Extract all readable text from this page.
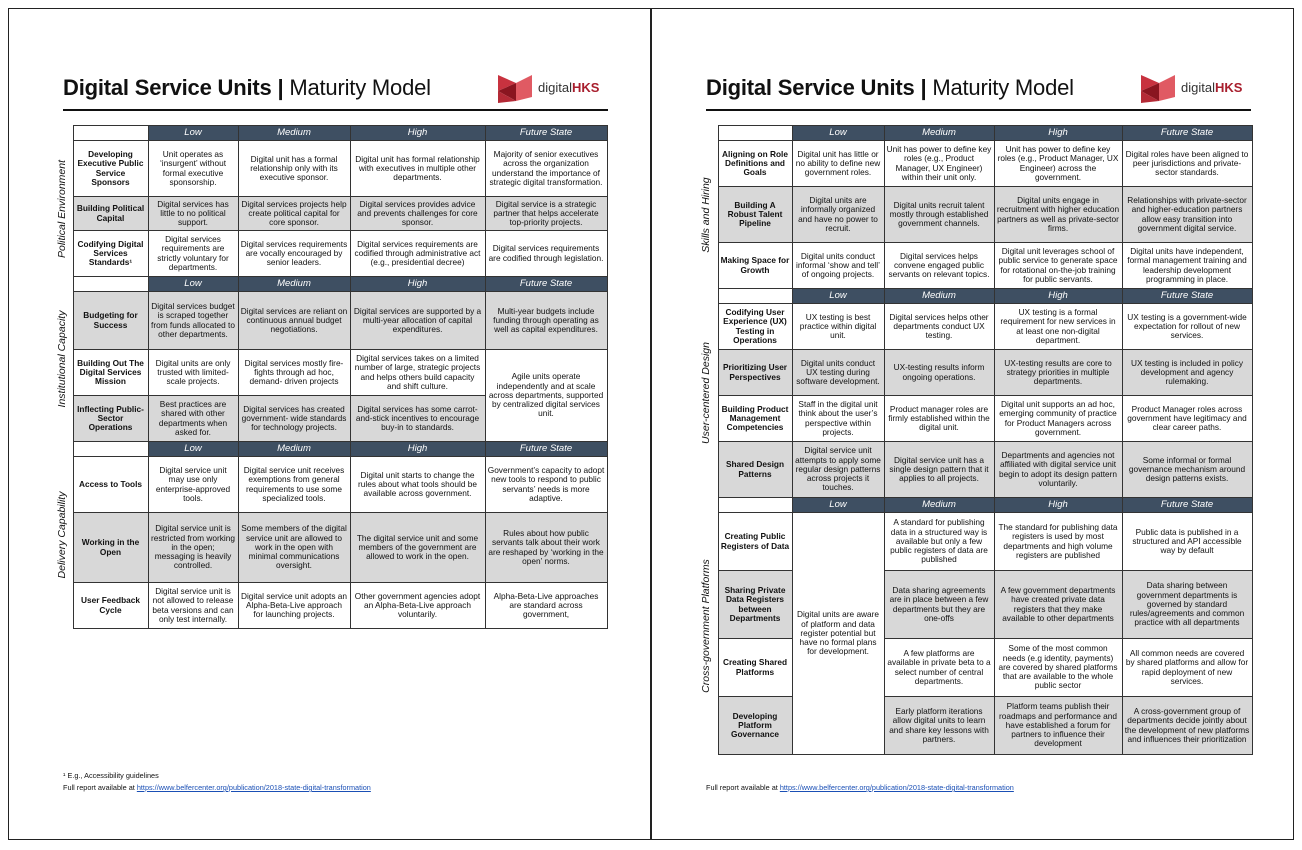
Digital Service Units | Maturity Model	digitalHKS
		Low	Medium	High	Future State

Political Environment	Developing Executive Public Service Sponsors	Unit operates as ‘insurgent’ without formal executive sponsorship.	Digital unit has a formal relationship only with its executive sponsor.	Digital unit has formal relationship with executives in multiple other departments.	Majority of senior executives across the organization understand the importance of strategic digital transformation.
	Building Political Capital	Digital services has little to no political support.	Digital services projects help create political capital for core sponsor.	Digital services provides advice and prevents challenges for core sponsor.	Digital service is a strategic partner that helps accelerate top-priority projects.
	Codifying Digital Services Standards¹	Digital services requirements are strictly voluntary for departments.	Digital services requirements are vocally encouraged by senior leaders.	Digital services requirements are codified through administrative act (e.g., presidential decree)	Digital services requirements are codified through legislation.

Institutional Capacity		Low	Medium	High	Future State
	Budgeting for Success	Digital services budget is scraped together from funds allocated to other departments.	Digital services are reliant on continuous annual budget negotiations.	Digital services are supported by a multi-year allocation of capital expenditures.	Multi-year budgets include funding through operating as well as capital expenditures.
	Building Out The Digital Services Mission	Digital units are only trusted with limited-scale projects.	Digital services mostly fire-fights through ad hoc, demand- driven projects	Digital services takes on a limited number of large, strategic projects and helps others build capacity and shift culture.	Agile units operate independently and at scale across departments, supported by centralized digital services unit.
	Inflecting Public-Sector Operations	Best practices are shared with other departments when asked for.	Digital services has created government- wide standards for technology projects.	Digital services has some carrot- and-stick incentives to encourage buy-in to standards.	

Delivery Capability		Low	Medium	High	Future State
	Access to Tools	Digital service unit may use only enterprise-approved tools.	Digital service unit receives exemptions from general requirements to use some specialized tools.	Digital unit starts to change the rules about what tools should be available across government.	Government’s capacity to adopt new tools to respond to public servants’ needs is more adaptive.
	Working in the Open	Digital service unit is restricted from working in the open; messaging is heavily controlled.	Some members of the digital service unit are allowed to work in the open with minimal communications oversight.	The digital service unit and some members of the government are allowed to work in the open.	Rules about how public servants talk about their work are reshaped by ‘working in the open’ norms.
	User Feedback Cycle	Digital service unit is not allowed to release beta versions and can only test internally.	Digital service unit adopts an Alpha-Beta-Live approach for launching projects.	Other government agencies adopt an Alpha-Beta-Live approach voluntarily.	Alpha-Beta-Live approaches are standard across government,
¹ E.g., Accessibility guidelines
Full report available at https://www.belfercenter.org/publication/2018-state-digital-transformation
Digital Service Units | Maturity Model	digitalHKS
		Low	Medium	High	Future State

Skills and Hiring	Aligning on Role Definitions and Goals	Digital unit has little or no ability to define new government roles.	Unit has power to define key roles (e.g., Product Manager, UX Engineer) within their unit only.	Unit has power to define key roles (e.g., Product Manager, UX Engineer) across the government.	Digital roles have been aligned to peer jurisdictions and private-sector standards.
	Building A Robust Talent Pipeline	Digital units are informally organized and have no power to recruit.	Digital units recruit talent mostly through established government channels.	Digital units engage in recruitment with higher education partners as well as private-sector firms.	Relationships with private-sector and higher-education partners allow easy transition into government digital service.
	Making Space for Growth	Digital units conduct informal ‘show and tell’ of ongoing projects.	Digital services helps convene engaged public servants on relevant topics.	Digital unit leverages school of public service to generate space for rotational on-the-job training for public servants.	Digital units have independent, formal management training and leadership development programming in place.

User-centered Design		Low	Medium	High	Future State
	Codifying User Experience (UX) Testing in Operations	UX testing is best practice within digital unit.	Digital services helps other departments conduct UX testing.	UX testing is a formal requirement for new services in at least one non-digital department.	UX testing is a government-wide expectation for rollout of new services.
	Prioritizing User Perspectives	Digital units conduct UX testing during software development.	UX-testing results inform ongoing operations.	UX-testing results are core to strategy priorities in multiple departments.	UX testing is included in policy development and agency rulemaking.
	Building Product Management Competencies	Staff in the digital unit think about the user’s perspective within projects.	Product manager roles are firmly established within the digital unit.	Digital unit supports an ad hoc, emerging community of practice for Product Managers across government.	Product Manager roles across government have legitimacy and clear career paths.
	Shared Design Patterns	Digital service unit attempts to apply some regular design patterns across projects it touches.	Digital service unit has a single design pattern that it applies to all projects.	Departments and agencies not affiliated with digital service unit begin to adopt its design pattern voluntarily.	Some informal or formal governance mechanism around design patterns exists.

Cross-government Platforms		Low	Medium	High	Future State
	Creating Public Registers of Data	Digital units are aware of platform and data register potential but have no formal plans for development.	A standard for publishing data in a structured way is available but only a few public registers of data are published	The standard for publishing data registers is used by most departments and high volume registers are published	Public data is published in a structured and API accessible way by default
	Sharing Private Data Registers between Departments		Data sharing agreements are in place between a few departments but they are one-offs	A few government departments have created private data registers that they make available to other departments	Data sharing between government departments is governed by standard rules/agreements and common practice with all departments
	Creating Shared Platforms		A few platforms are available in private beta to a select number of central departments.	Some of the most common needs (e.g identity, payments) are covered by shared platforms that are available to the whole public sector	All common needs are covered by shared platforms and allow for rapid deployment of new services.
	Developing Platform Governance		Early platform iterations allow digital units to learn and share key lessons with partners.	Platform teams publish their roadmaps and performance and have established a forum for partners to influence their development	A cross-government group of departments decide jointly about the development of new platforms and influences their prioritization
Full report available at https://www.belfercenter.org/publication/2018-state-digital-transformation
